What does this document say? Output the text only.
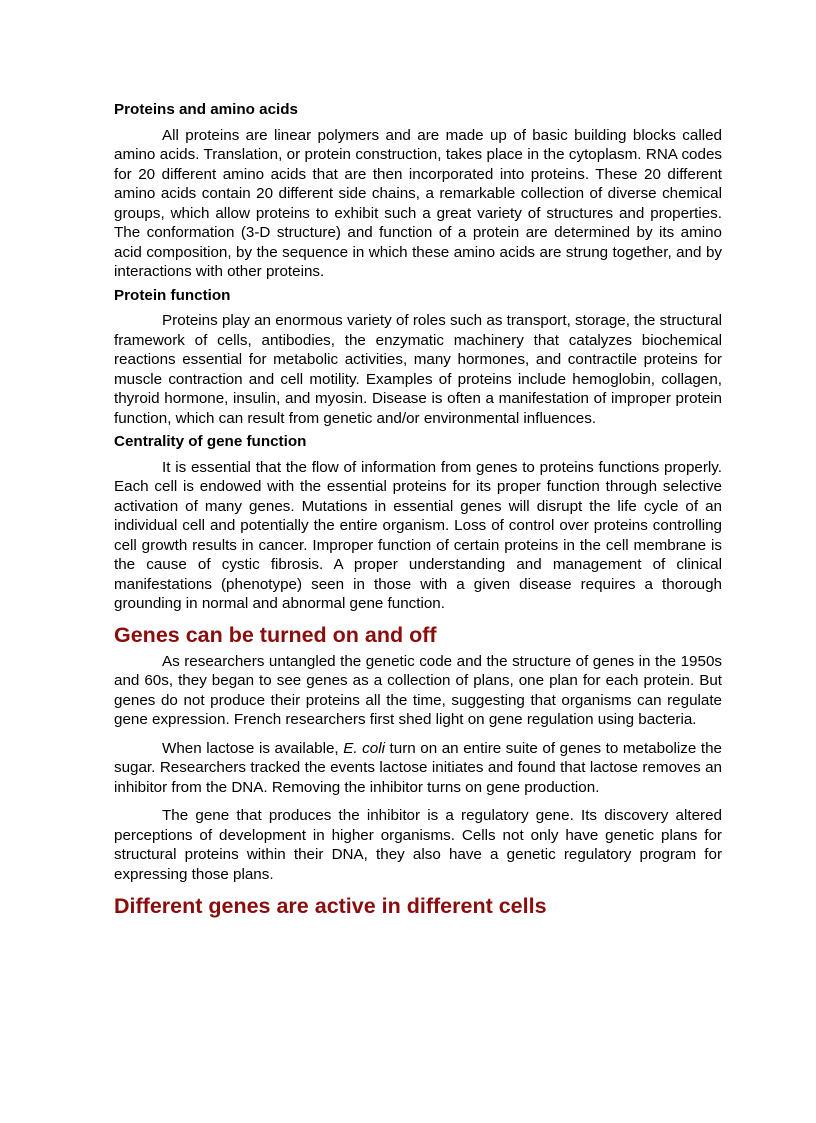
Proteins and amino acids

All proteins are linear polymers and are made up of basic building blocks called amino acids. Translation, or protein construction, takes place in the cytoplasm. RNA codes for 20 different amino acids that are then incorporated into proteins. These 20 different amino acids contain 20 different side chains, a remarkable collection of diverse chemical groups, which allow proteins to exhibit such a great variety of structures and properties. The conformation (3-D structure) and function of a protein are determined by its amino acid composition, by the sequence in which these amino acids are strung together, and by interactions with other proteins.

Protein function

Proteins play an enormous variety of roles such as transport, storage, the structural framework of cells, antibodies, the enzymatic machinery that catalyzes biochemical reactions essential for metabolic activities, many hormones, and contractile proteins for muscle contraction and cell motility. Examples of proteins include hemoglobin, collagen, thyroid hormone, insulin, and myosin. Disease is often a manifestation of improper protein function, which can result from genetic and/or environmental influences.

Centrality of gene function

It is essential that the flow of information from genes to proteins functions properly. Each cell is endowed with the essential proteins for its proper function through selective activation of many genes. Mutations in essential genes will disrupt the life cycle of an individual cell and potentially the entire organism. Loss of control over proteins controlling cell growth results in cancer. Improper function of certain proteins in the cell membrane is the cause of cystic fibrosis. A proper understanding and management of clinical manifestations (phenotype) seen in those with a given disease requires a thorough grounding in normal and abnormal gene function.

Genes can be turned on and off

As researchers untangled the genetic code and the structure of genes in the 1950s and 60s, they began to see genes as a collection of plans, one plan for each protein. But genes do not produce their proteins all the time, suggesting that organisms can regulate gene expression. French researchers first shed light on gene regulation using bacteria.

When lactose is available, E. coli turn on an entire suite of genes to metabolize the sugar. Researchers tracked the events lactose initiates and found that lactose removes an inhibitor from the DNA. Removing the inhibitor turns on gene production.

The gene that produces the inhibitor is a regulatory gene. Its discovery altered perceptions of development in higher organisms. Cells not only have genetic plans for structural proteins within their DNA, they also have a genetic regulatory program for expressing those plans.

Different genes are active in different cells
